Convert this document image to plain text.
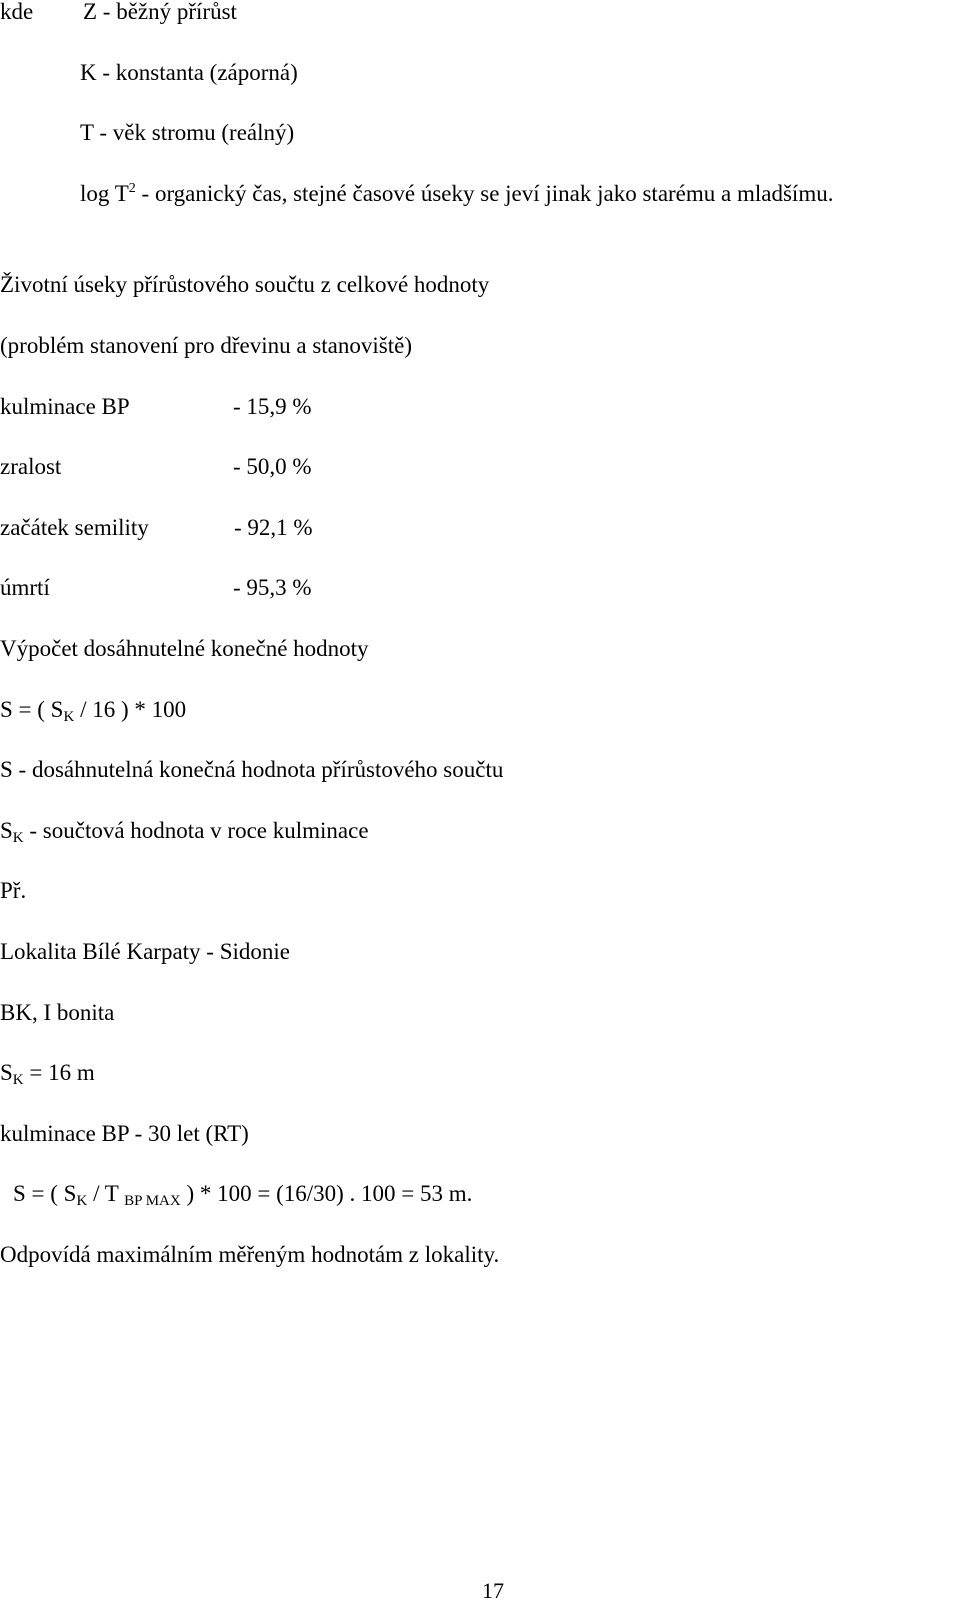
kde Z - běžný přírůst
K - konstanta (záporná)
T - věk stromu (reálný)
$\log T^2$ - organický čas, stejné časové úseky se jeví jinak jako starému a mladšímu.
Životní úseky přírůstového součtu z celkové hodnoty
(problém stanovení pro dřevinu a stanoviště)
kulminace BP	- 15,9 %
zralost	- 50,0 %
začátek semility	- 92,1 %
úmrtí	- 95,3 %
Výpočet dosáhnutelné konečné hodnoty
S = ( $S_K / 16$ ) * 100
S - dosáhnutelná konečná hodnota přírůstového součtu
$S_K$ - součtová hodnota v roce kulminace
Př.
Lokalita Bílé Karpaty - Sidonie
BK, I bonita
$S_K = 16$ m
kulminace BP - 30 let (RT)
S = ( $S_K$ / T $_{BP MAX}$ ) * 100 = (16/30) . 100 = 53 m.
Odpovídá maximálním měřeným hodnotám z lokality.
17
